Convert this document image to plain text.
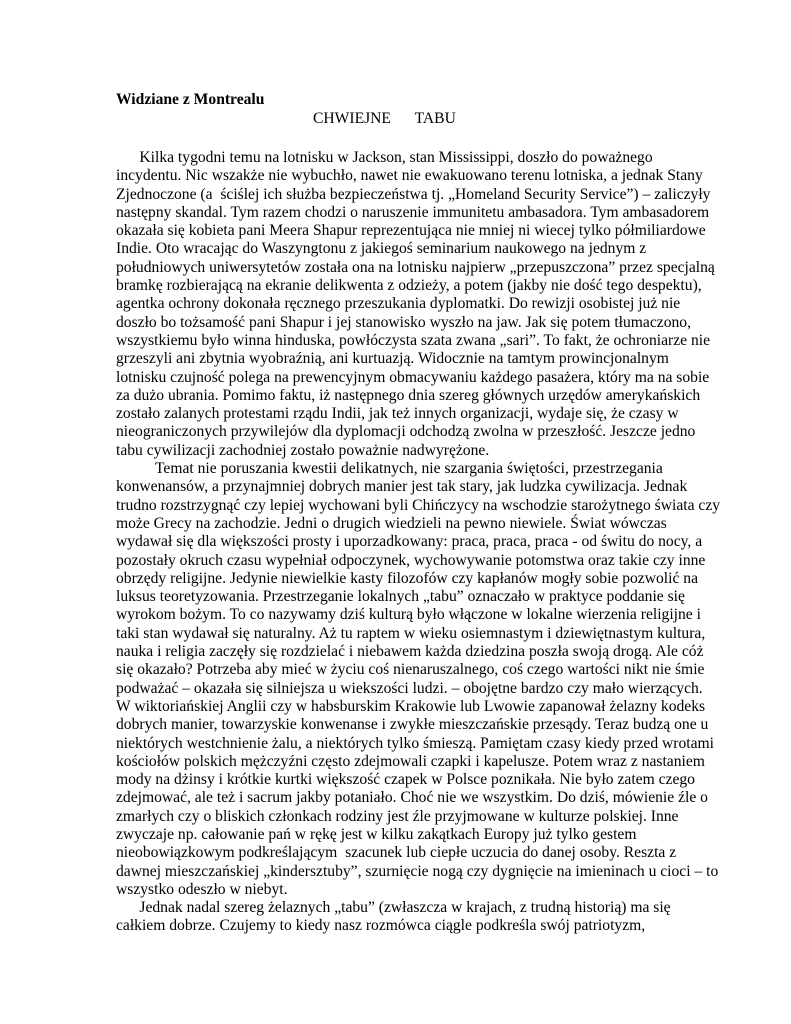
Widziane z Montrealu
CHWIEJNE   TABU
Kilka tygodni temu na lotnisku w Jackson, stan Mississippi, doszło do poważnego
incydentu. Nic wszakże nie wybuchło, nawet nie ewakuowano terenu lotniska, a jednak Stany
Zjednoczone (a  ściślej ich służba bezpieczeństwa tj. „Homeland Security Service”) – zaliczyły
następny skandal. Tym razem chodzi o naruszenie immunitetu ambasadora. Tym ambasadorem
okazała się kobieta pani Meera Shapur reprezentująca nie mniej ni wiecej tylko półmiliardowe
Indie. Oto wracając do Waszyngtonu z jakiegoś seminarium naukowego na jednym z
południowych uniwersytetów została ona na lotnisku najpierw „przepuszczona” przez specjalną
bramkę rozbierającą na ekranie delikwenta z odzieży, a potem (jakby nie dość tego despektu),
agentka ochrony dokonała ręcznego przeszukania dyplomatki. Do rewizji osobistej już nie
doszło bo tożsamość pani Shapur i jej stanowisko wyszło na jaw. Jak się potem tłumaczono,
wszystkiemu było winna hinduska, powłóczysta szata zwana „sari”. To fakt, że ochroniarze nie
grzeszyli ani zbytnia wyobraźnią, ani kurtuazją. Widocznie na tamtym prowincjonalnym
lotnisku czujność polega na prewencyjnym obmacywaniu każdego pasażera, który ma na sobie
za dużo ubrania. Pomimo faktu, iż następnego dnia szereg głównych urzędów amerykańskich
zostało zalanych protestami rządu Indii, jak też innych organizacji, wydaje się, że czasy w
nieograniczonych przywilejów dla dyplomacji odchodzą zwolna w przeszłość. Jeszcze jedno
tabu cywilizacji zachodniej zostało poważnie nadwyrężone.
Temat nie poruszania kwestii delikatnych, nie szargania świętości, przestrzegania
konwenansów, a przynajmniej dobrych manier jest tak stary, jak ludzka cywilizacja. Jednak
trudno rozstrzygnąć czy lepiej wychowani byli Chińczycy na wschodzie starożytnego świata czy
może Grecy na zachodzie. Jedni o drugich wiedzieli na pewno niewiele. Świat wówczas
wydawał się dla większości prosty i uporzadkowany: praca, praca, praca - od świtu do nocy, a
pozostały okruch czasu wypełniał odpoczynek, wychowywanie potomstwa oraz takie czy inne
obrzędy religijne. Jedynie niewielkie kasty filozofów czy kapłanów mogły sobie pozwolić na
luksus teoretyzowania. Przestrzeganie lokalnych „tabu” oznaczało w praktyce poddanie się
wyrokom bożym. To co nazywamy dziś kulturą było włączone w lokalne wierzenia religijne i
taki stan wydawał się naturalny. Aż tu raptem w wieku osiemnastym i dziewiętnastym kultura,
nauka i religia zaczęły się rozdzielać i niebawem każda dziedzina poszła swoją drogą. Ale cóż
się okazało? Potrzeba aby mieć w życiu coś nienaruszalnego, coś czego wartości nikt nie śmie
podważać – okazała się silniejsza u wiekszości ludzi. – obojętne bardzo czy mało wierzących.
W wiktoriańskiej Anglii czy w habsburskim Krakowie lub Lwowie zapanował żelazny kodeks
dobrych manier, towarzyskie konwenanse i zwykłe mieszczańskie przesądy. Teraz budzą one u
niektórych westchnienie żalu, a niektórych tylko śmieszą. Pamiętam czasy kiedy przed wrotami
kościołów polskich mężczyźni często zdejmowali czapki i kapelusze. Potem wraz z nastaniem
mody na dżinsy i krótkie kurtki większość czapek w Polsce poznikała. Nie było zatem czego
zdejmować, ale też i sacrum jakby potaniało. Choć nie we wszystkim. Do dziś, mówienie źle o
zmarłych czy o bliskich członkach rodziny jest źle przyjmowane w kulturze polskiej. Inne
zwyczaje np. całowanie pań w rękę jest w kilku zakątkach Europy już tylko gestem
nieobowiązkowym podkreślającym  szacunek lub ciepłe uczucia do danej osoby. Reszta z
dawnej mieszczańskiej „kindersztuby”, szurnięcie nogą czy dygnięcie na imieninach u cioci – to
wszystko odeszło w niebyt.
Jednak nadal szereg żelaznych „tabu” (zwłaszcza w krajach, z trudną historią) ma się
całkiem dobrze. Czujemy to kiedy nasz rozmówca ciągle podkreśla swój patriotyzm,
